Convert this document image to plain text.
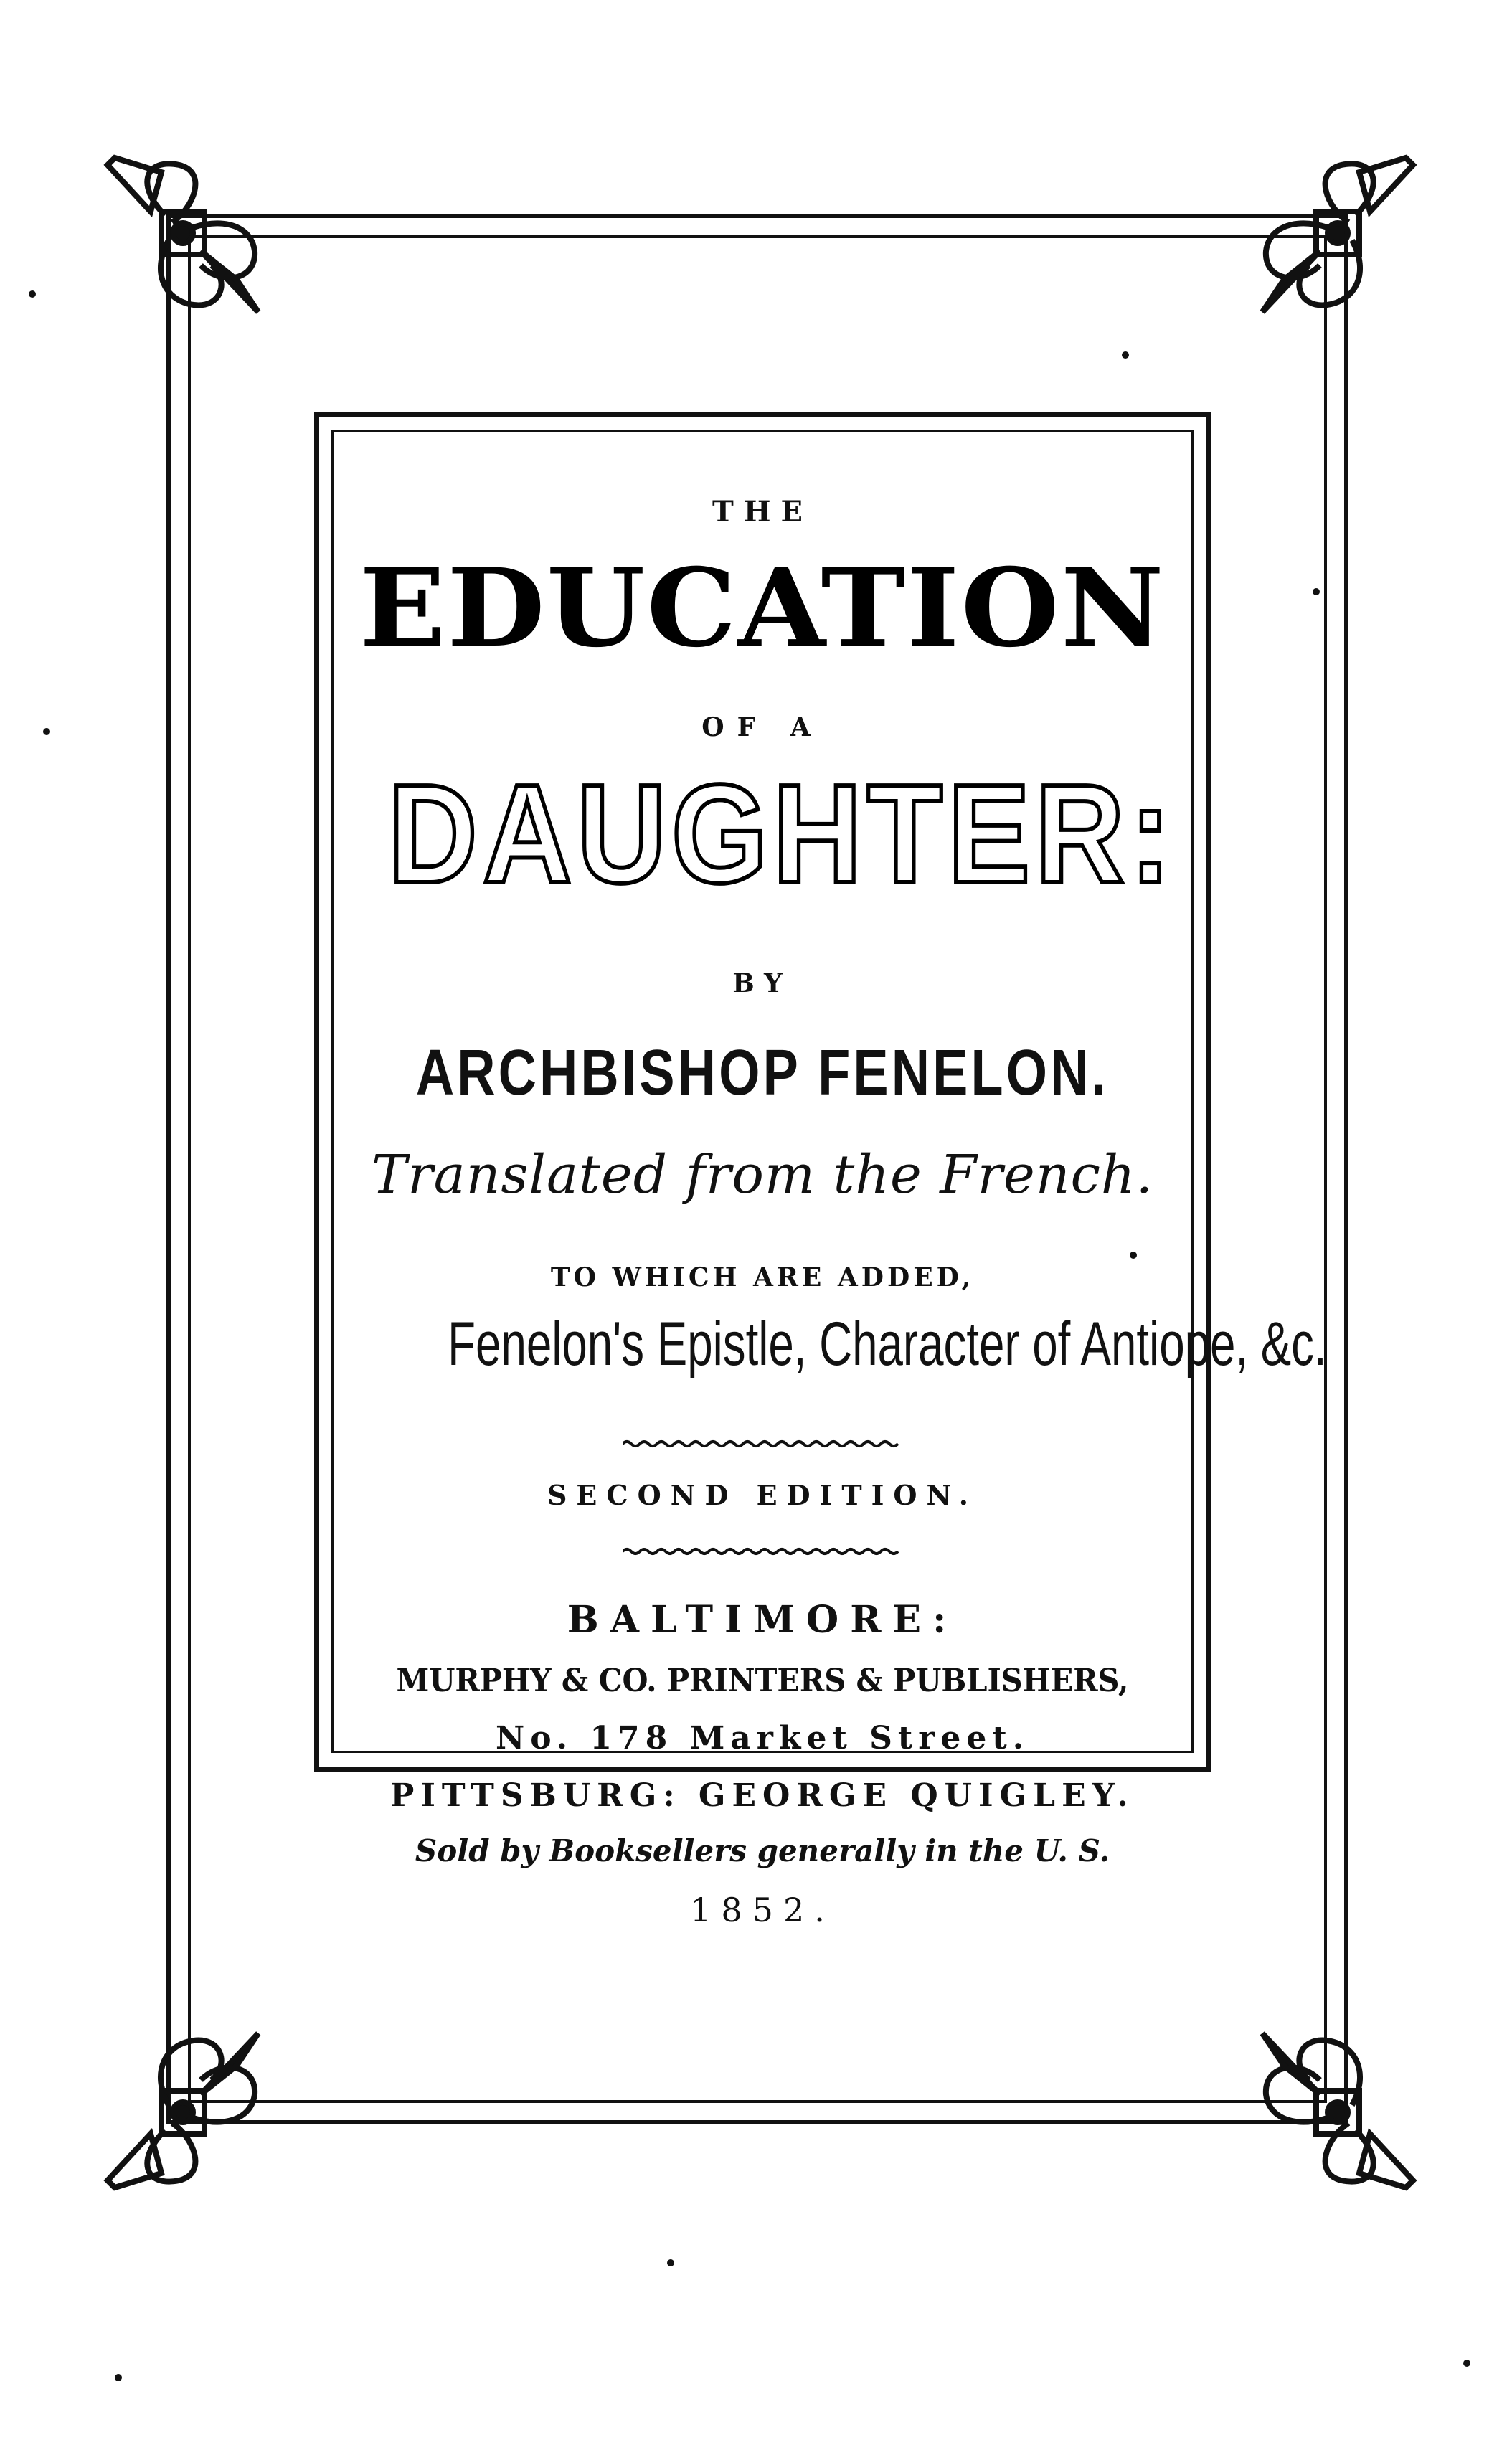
THE
EDUCATION
OF A
DAUGHTER:
BY
ARCHBISHOP FENELON.
Translated from the French.
TO WHICH ARE ADDED,
Fenelon's Epistle, Character of Antiope, &c.
SECOND EDITION.
BALTIMORE:
MURPHY & CO. PRINTERS & PUBLISHERS,
No. 178 Market Street.
PITTSBURG: GEORGE QUIGLEY.
Sold by Booksellers generally in the U. S.
1852.
